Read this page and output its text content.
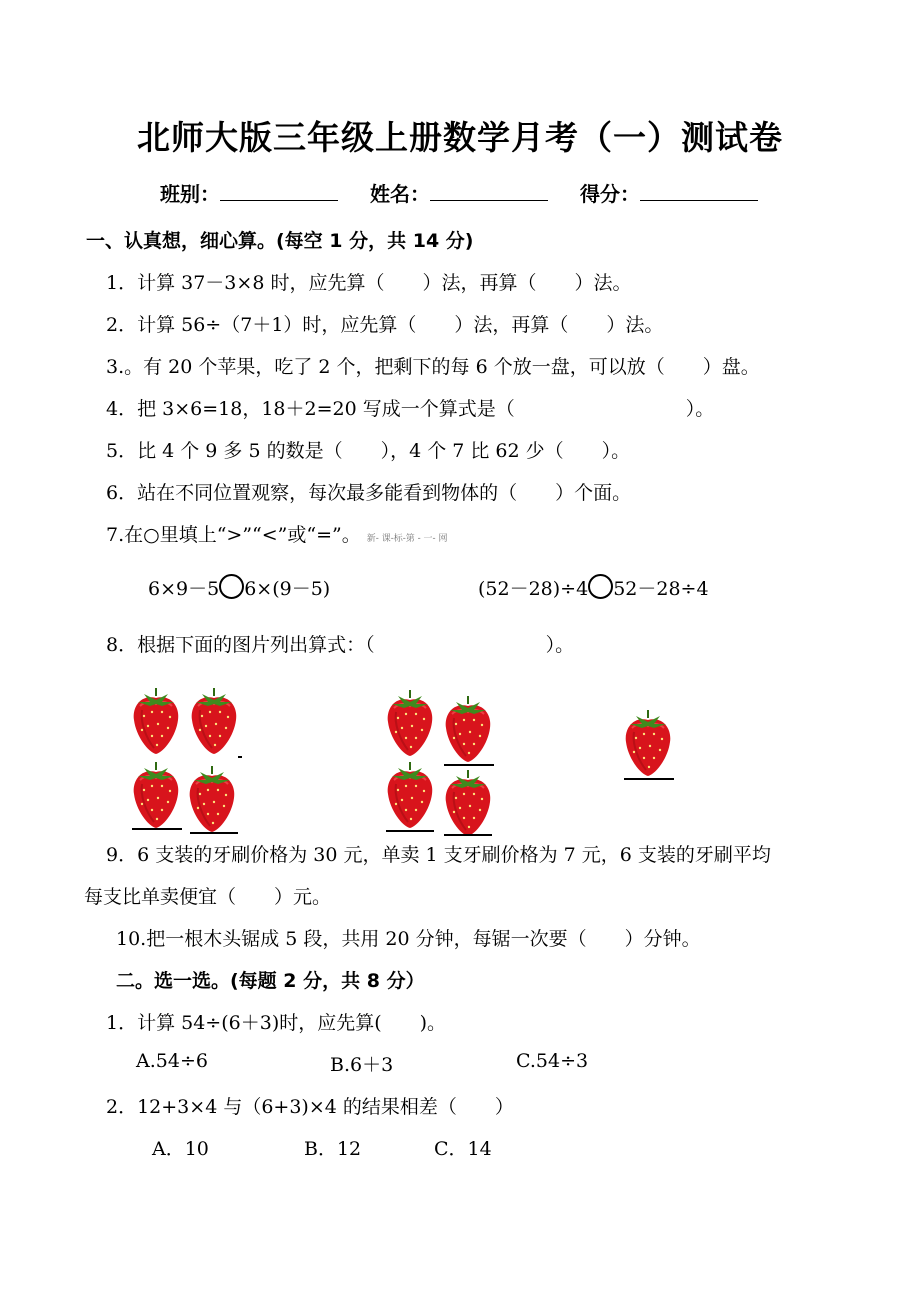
北师大版三年级上册数学月考（一）测试卷
班别：	姓名：	得分：
一、认真想，细心算。(每空 1 分，共 14 分)
1．计算 37－3×8 时，应先算（　　）法，再算（　　）法。
2．计算 56÷（7＋1）时，应先算（　　）法，再算（　　）法。
3.。有 20 个苹果，吃了 2 个，把剩下的每 6 个放一盘，可以放（　　）盘。
4．把 3×6=18，18＋2=20 写成一个算式是（　　　　　　　　　）。
5．比 4 个 9 多 5 的数是（　　），4 个 7 比 62 少（　　）。
6．站在不同位置观察，每次最多能看到物体的（　　）个面。
7.在○里填上“>”“<”或“=”。 新- 课-标-第 - 一- 网
6×9－5 6×(9－5)	(52－28)÷4 52－28÷4
8．根据下面的图片列出算式：（　　　　　　　　　）。
9．6 支装的牙刷价格为 30 元，单卖 1 支牙刷价格为 7 元，6 支装的牙刷平均
每支比单卖便宜（　　）元。
10.把一根木头锯成 5 段，共用 20 分钟，每锯一次要（　　）分钟。
二。选一选。(每题 2 分，共 8 分）
1．计算 54÷(6＋3)时，应先算(　　)。
A.54÷6	B.6＋3	C.54÷3
2．12+3×4 与（6+3)×4 的结果相差（　　）
A．10	B．12	C．14
